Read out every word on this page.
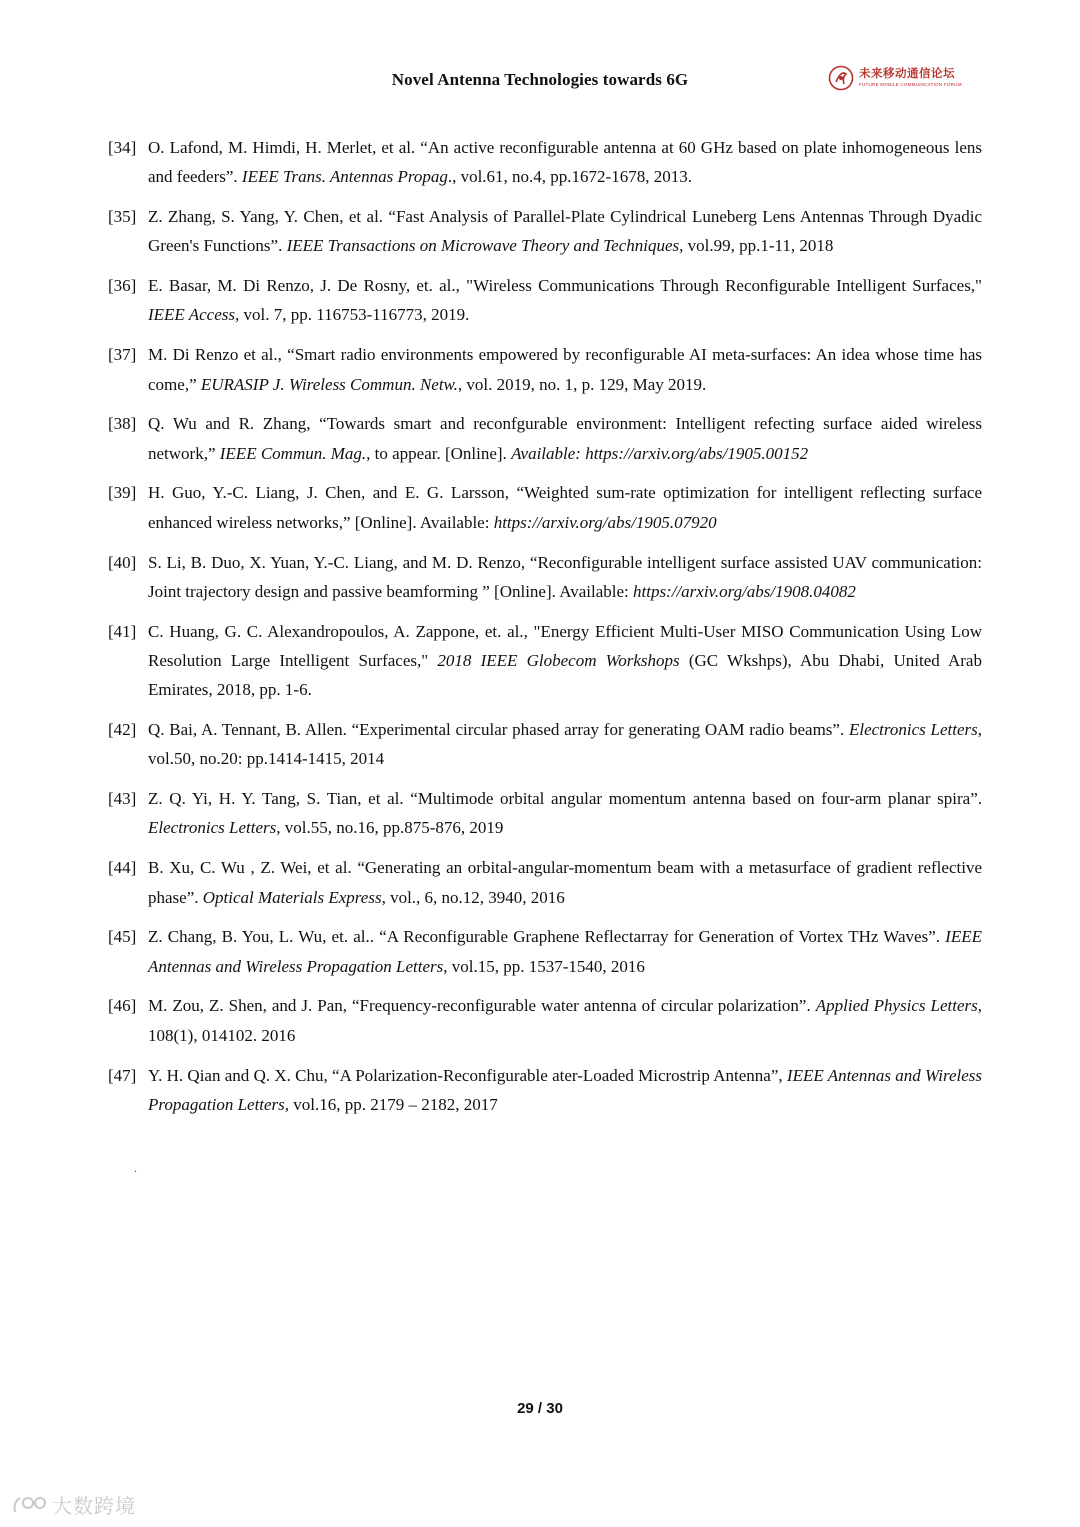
Novel Antenna Technologies towards 6G	未来移动通信论坛
FUTURE MOBILE COMMUNICATION FORUM
[34] O. Lafond, M. Himdi, H. Merlet, et al. “An active reconfigurable antenna at 60 GHz based on plate inhomogeneous lens and feeders”. IEEE Trans. Antennas Propag., vol.61, no.4, pp.1672-1678, 2013.
[35] Z. Zhang, S. Yang, Y. Chen, et al. “Fast Analysis of Parallel-Plate Cylindrical Luneberg Lens Antennas Through Dyadic Green's Functions”. IEEE Transactions on Microwave Theory and Techniques, vol.99, pp.1-11, 2018
[36] E. Basar, M. Di Renzo, J. De Rosny, et. al., "Wireless Communications Through Reconfigurable Intelligent Surfaces," IEEE Access, vol. 7, pp. 116753-116773, 2019.
[37] M. Di Renzo et al., “Smart radio environments empowered by reconfigurable AI meta-surfaces: An idea whose time has come,” EURASIP J. Wireless Commun. Netw., vol. 2019, no. 1, p. 129, May 2019.
[38] Q. Wu and R. Zhang, “Towards smart and reconfgurable environment: Intelligent refecting surface aided wireless network,” IEEE Commun. Mag., to appear. [Online]. Available: https://arxiv.org/abs/1905.00152
[39] H. Guo, Y.-C. Liang, J. Chen, and E. G. Larsson, “Weighted sum-rate optimization for intelligent reflecting surface enhanced wireless networks,” [Online]. Available: https://arxiv.org/abs/1905.07920
[40] S. Li, B. Duo, X. Yuan, Y.-C. Liang, and M. D. Renzo, “Reconfigurable intelligent surface assisted UAV communication: Joint trajectory design and passive beamforming ” [Online]. Available: https://arxiv.org/abs/1908.04082
[41] C. Huang, G. C. Alexandropoulos, A. Zappone, et. al., "Energy Efficient Multi-User MISO Communication Using Low Resolution Large Intelligent Surfaces," 2018 IEEE Globecom Workshops (GC Wkshps), Abu Dhabi, United Arab Emirates, 2018, pp. 1-6.
[42] Q. Bai, A. Tennant, B. Allen. “Experimental circular phased array for generating OAM radio beams”. Electronics Letters, vol.50, no.20: pp.1414-1415, 2014
[43] Z. Q. Yi, H. Y. Tang, S. Tian, et al. “Multimode orbital angular momentum antenna based on four-arm planar spira”. Electronics Letters, vol.55, no.16, pp.875-876, 2019
[44] B. Xu, C. Wu , Z. Wei, et al. “Generating an orbital-angular-momentum beam with a metasurface of gradient reflective phase”. Optical Materials Express, vol., 6, no.12, 3940, 2016
[45] Z. Chang, B. You, L. Wu, et. al.. “A Reconfigurable Graphene Reflectarray for Generation of Vortex THz Waves”. IEEE Antennas and Wireless Propagation Letters, vol.15, pp. 1537-1540, 2016
[46] M. Zou, Z. Shen, and J. Pan, “Frequency-reconfigurable water antenna of circular polarization”. Applied Physics Letters, 108(1), 014102. 2016
[47] Y. H. Qian and Q. X. Chu, “A Polarization-Reconfigurable ater-Loaded Microstrip Antenna”, IEEE Antennas and Wireless Propagation Letters, vol.16, pp. 2179 – 2182, 2017
.
29 / 30
大数跨境
